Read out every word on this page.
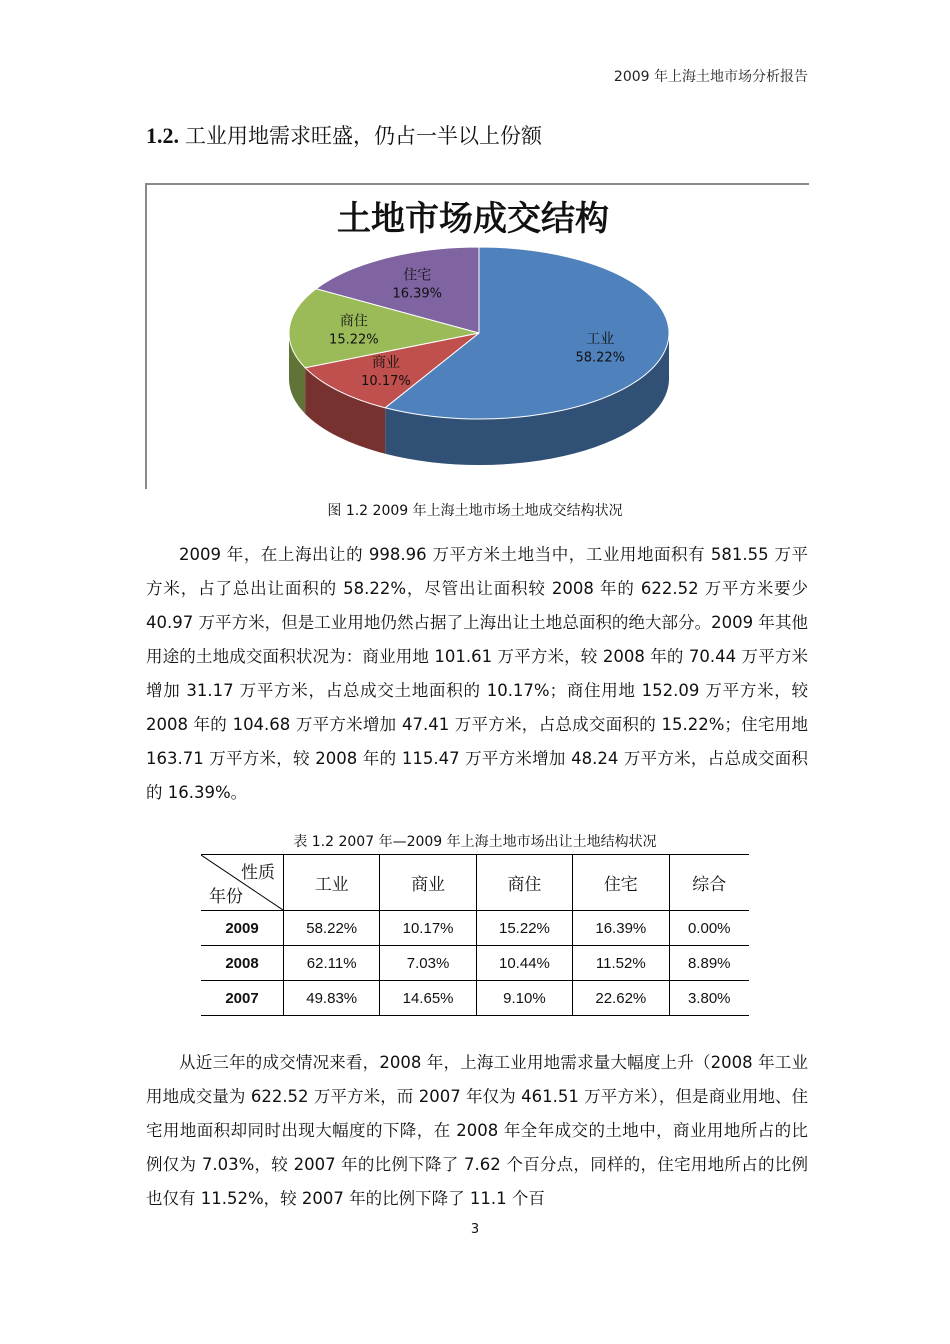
2009 年上海土地市场分析报告
1.2. 工业用地需求旺盛，仍占一半以上份额
土地市场成交结构
工业
58.22%
商业
10.17%
商住
15.22%
住宅
16.39%
图 1.2 2009 年上海土地市场土地成交结构状况

2009 年，在上海出让的 998.96 万平方米土地当中，工业用地面积有 581.55 万平方米，占了总出让面积的 58.22%，尽管出让面积较 2008 年的 622.52 万平方米要少 40.97 万平方米，但是工业用地仍然占据了上海出让土地总面积的绝大部分。2009 年其他用途的土地成交面积状况为：商业用地 101.61 万平方米，较 2008 年的 70.44 万平方米增加 31.17 万平方米，占总成交土地面积的 10.17%；商住用地 152.09 万平方米，较 2008 年的 104.68 万平方米增加 47.41 万平方米，占总成交面积的 15.22%；住宅用地 163.71 万平方米，较 2008 年的 115.47 万平方米增加 48.24 万平方米，占总成交面积的 16.39%。

表 1.2 2007 年—2009 年上海土地市场出让土地结构状况
性质
年份	工业	商业	商住	住宅	综合
2009	58.22%	10.17%	15.22%	16.39%	0.00%
2008	62.11%	7.03%	10.44%	11.52%	8.89%
2007	49.83%	14.65%	9.10%	22.62%	3.80%

从近三年的成交情况来看，2008 年，上海工业用地需求量大幅度上升（2008 年工业用地成交量为 622.52 万平方米，而 2007 年仅为 461.51 万平方米），但是商业用地、住宅用地面积却同时出现大幅度的下降，在 2008 年全年成交的土地中，商业用地所占的比例仅为 7.03%，较 2007 年的比例下降了 7.62 个百分点，同样的，住宅用地所占的比例也仅有 11.52%，较 2007 年的比例下降了 11.1 个百

3
